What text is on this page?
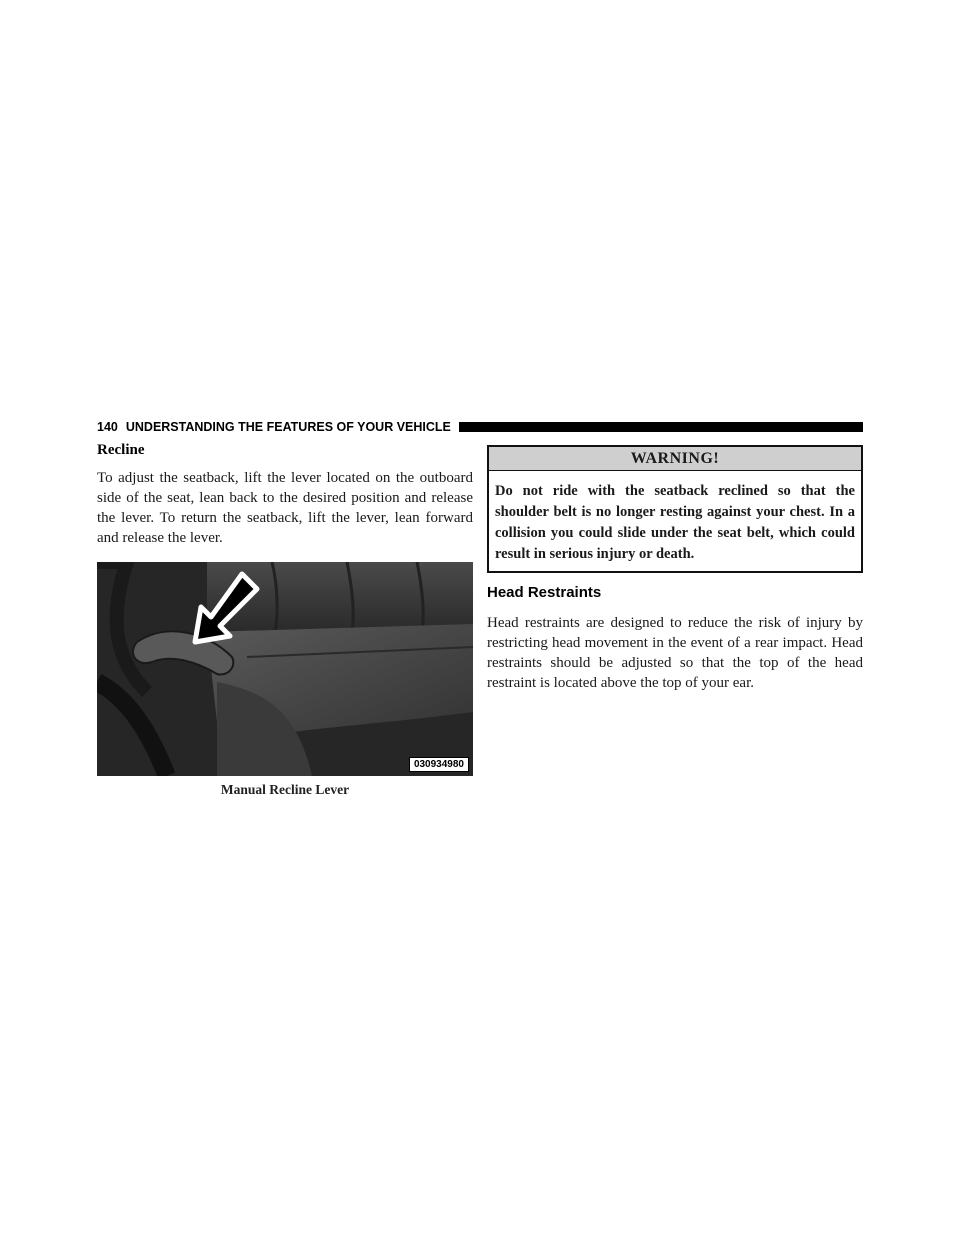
140 UNDERSTANDING THE FEATURES OF YOUR VEHICLE
Recline

To adjust the seatback, lift the lever located on the outboard side of the seat, lean back to the desired position and release the lever. To return the seatback, lift the lever, lean forward and release the lever.

030934980
Manual Recline Lever
WARNING!
Do not ride with the seatback reclined so that the shoulder belt is no longer resting against your chest. In a collision you could slide under the seat belt, which could result in serious injury or death.
Head Restraints

Head restraints are designed to reduce the risk of injury by restricting head movement in the event of a rear impact. Head restraints should be adjusted so that the top of the head restraint is located above the top of your ear.
